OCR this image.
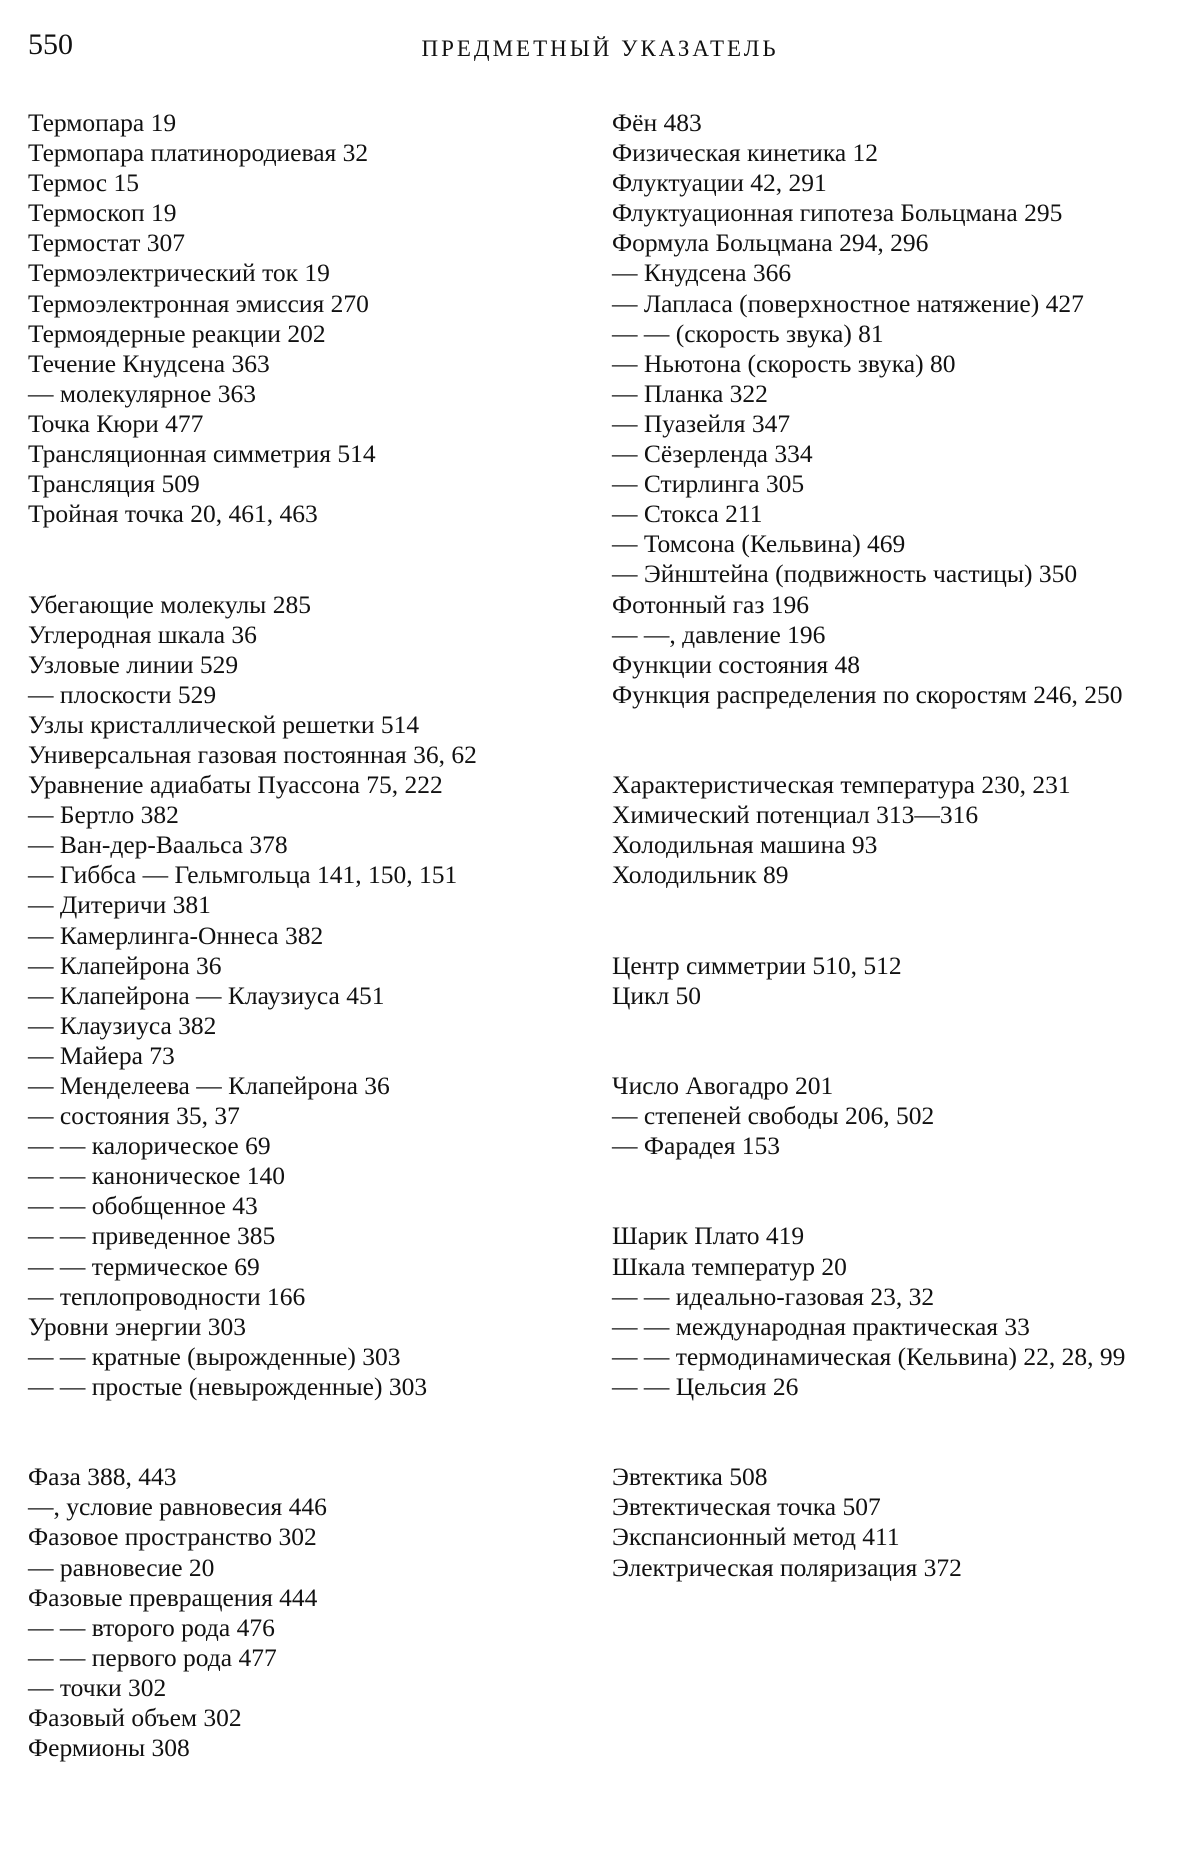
550	ПРЕДМЕТНЫЙ УКАЗАТЕЛЬ
Термопара 19
Термопара платинородиевая 32
Термос 15
Термоскоп 19
Термостат 307
Термоэлектрический ток 19
Термоэлектронная эмиссия 270
Термоядерные реакции 202
Течение Кнудсена 363
— молекулярное 363
Точка Кюри 477
Трансляционная симметрия 514
Трансляция 509
Тройная точка 20, 461, 463
Убегающие молекулы 285
Углеродная шкала 36
Узловые линии 529
— плоскости 529
Узлы кристаллической решетки 514
Универсальная газовая постоянная 36, 62
Уравнение адиабаты Пуассона 75, 222
— Бертло 382
— Ван-дер-Ваальса 378
— Гиббса — Гельмгольца 141, 150, 151
— Дитеричи 381
— Камерлинга-Оннеса 382
— Клапейрона 36
— Клапейрона — Клаузиуса 451
— Клаузиуса 382
— Майера 73
— Менделеева — Клапейрона 36
— состояния 35, 37
— — калорическое 69
— — каноническое 140
— — обобщенное 43
— — приведенное 385
— — термическое 69
— теплопроводности 166
Уровни энергии 303
— — кратные (вырожденные) 303
— — простые (невырожденные) 303
Фаза 388, 443
—, условие равновесия 446
Фазовое пространство 302
— равновесие 20
Фазовые превращения 444
— — второго рода 476
— — первого рода 477
— точки 302
Фазовый объем 302
Фермионы 308
Фён 483
Физическая кинетика 12
Флуктуации 42, 291
Флуктуационная гипотеза Больцмана 295
Формула Больцмана 294, 296
— Кнудсена 366
— Лапласа (поверхностное натяжение) 427
— — (скорость звука) 81
— Ньютона (скорость звука) 80
— Планка 322
— Пуазейля 347
— Сёзерленда 334
— Стирлинга 305
— Стокса 211
— Томсона (Кельвина) 469
— Эйнштейна (подвижность частицы) 350
Фотонный газ 196
— —, давление 196
Функции состояния 48
Функция распределения по скоростям 246, 250
Характеристическая температура 230, 231
Химический потенциал 313—316
Холодильная машина 93
Холодильник 89
Центр симметрии 510, 512
Цикл 50
Число Авогадро 201
— степеней свободы 206, 502
— Фарадея 153
Шарик Плато 419
Шкала температур 20
— — идеально-газовая 23, 32
— — международная практическая 33
— — термодинамическая (Кельвина) 22, 28, 99
— — Цельсия 26
Эвтектика 508
Эвтектическая точка 507
Экспансионный метод 411
Электрическая поляризация 372
